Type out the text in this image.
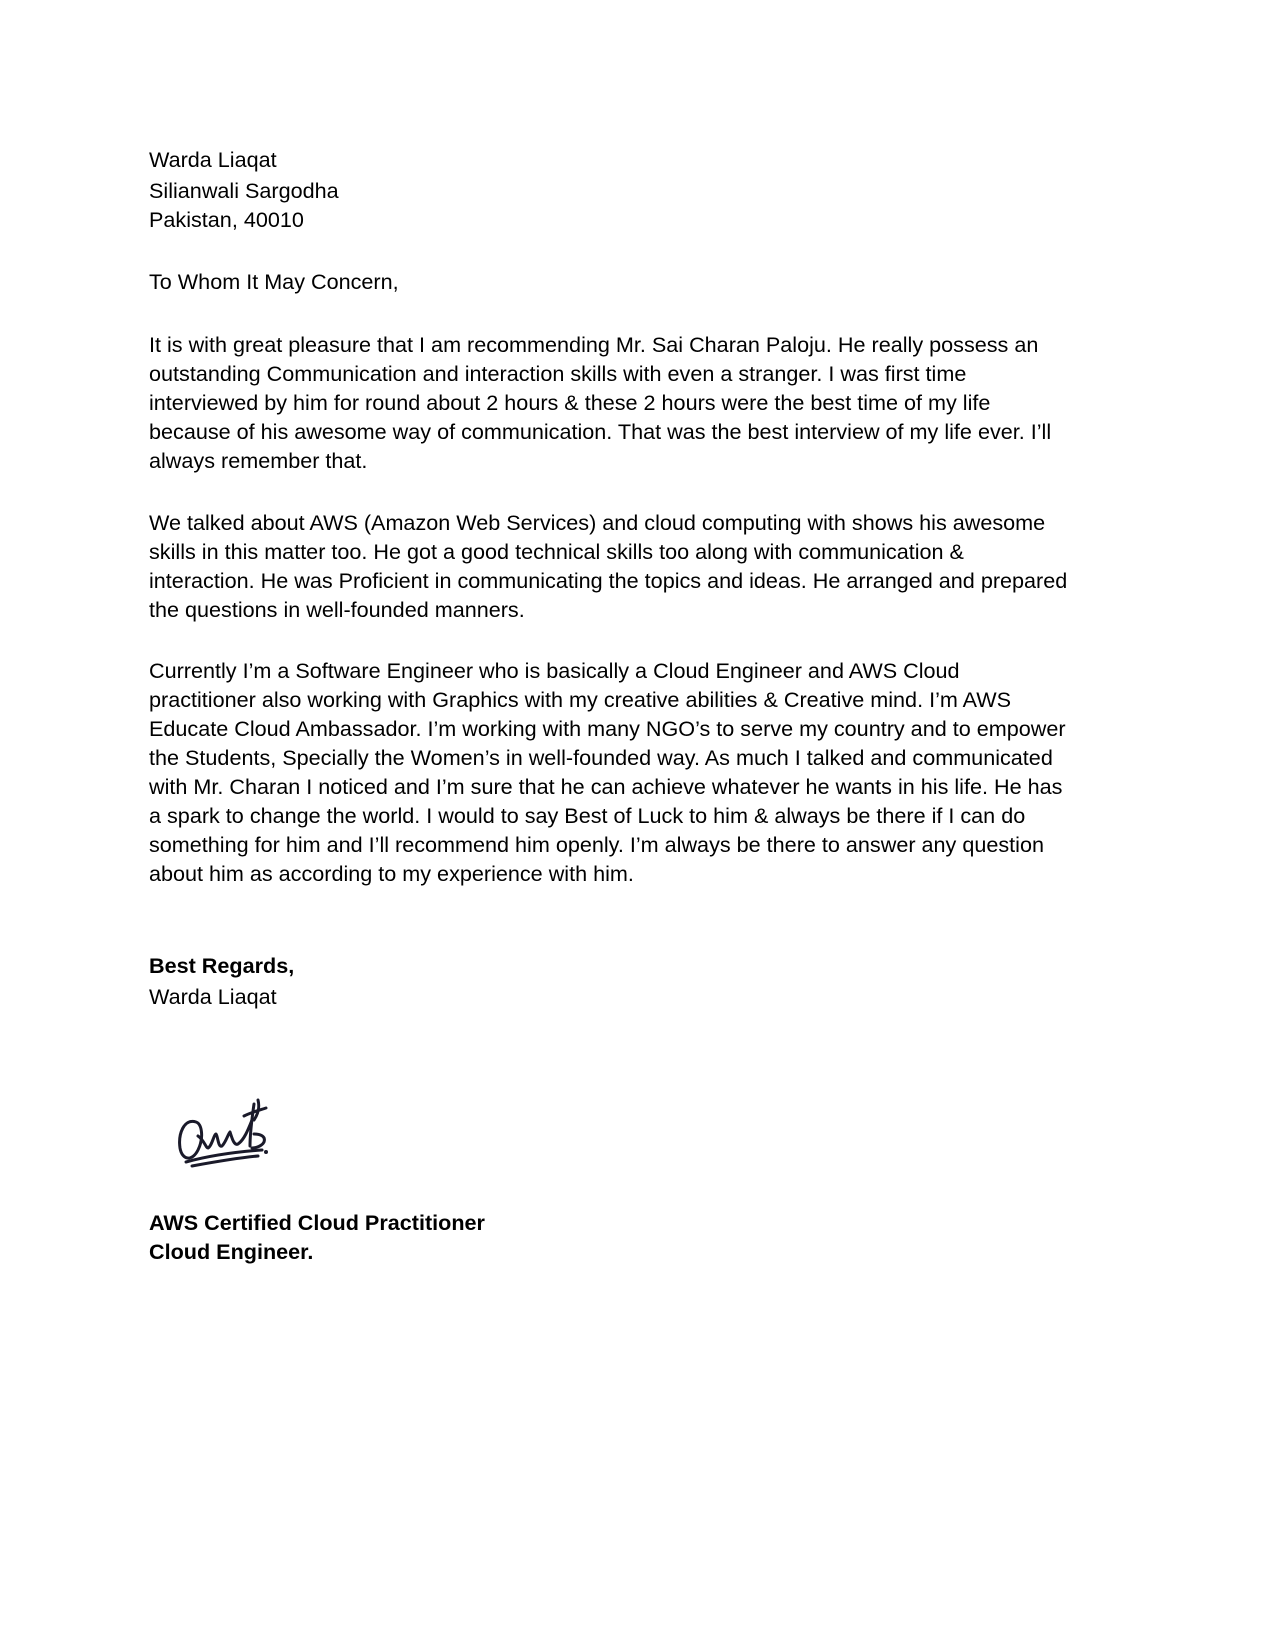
Warda Liaqat

Silianwali Sargodha

Pakistan, 40010

To Whom It May Concern,

It is with great pleasure that I am recommending Mr. Sai Charan Paloju. He really possess an

outstanding Communication and interaction skills with even a stranger. I was first time

interviewed by him for round about 2 hours & these 2 hours were the best time of my life

because of his awesome way of communication. That was the best interview of my life ever. I’ll

always remember that.

We talked about AWS (Amazon Web Services) and cloud computing with shows his awesome

skills in this matter too. He got a good technical skills too along with communication &

interaction. He was Proficient in communicating the topics and ideas. He arranged and prepared

the questions in well-founded manners.

Currently I’m a Software Engineer who is basically a Cloud Engineer and AWS Cloud

practitioner also working with Graphics with my creative abilities & Creative mind. I’m AWS

Educate Cloud Ambassador. I’m working with many NGO’s to serve my country and to empower

the Students, Specially the Women’s in well-founded way. As much I talked and communicated

with Mr. Charan I noticed and I’m sure that he can achieve whatever he wants in his life. He has

a spark to change the world. I would to say Best of Luck to him & always be there if I can do

something for him and I’ll recommend him openly. I’m always be there to answer any question

about him as according to my experience with him.

Best Regards,

Warda Liaqat

AWS Certified Cloud Practitioner

Cloud Engineer.
